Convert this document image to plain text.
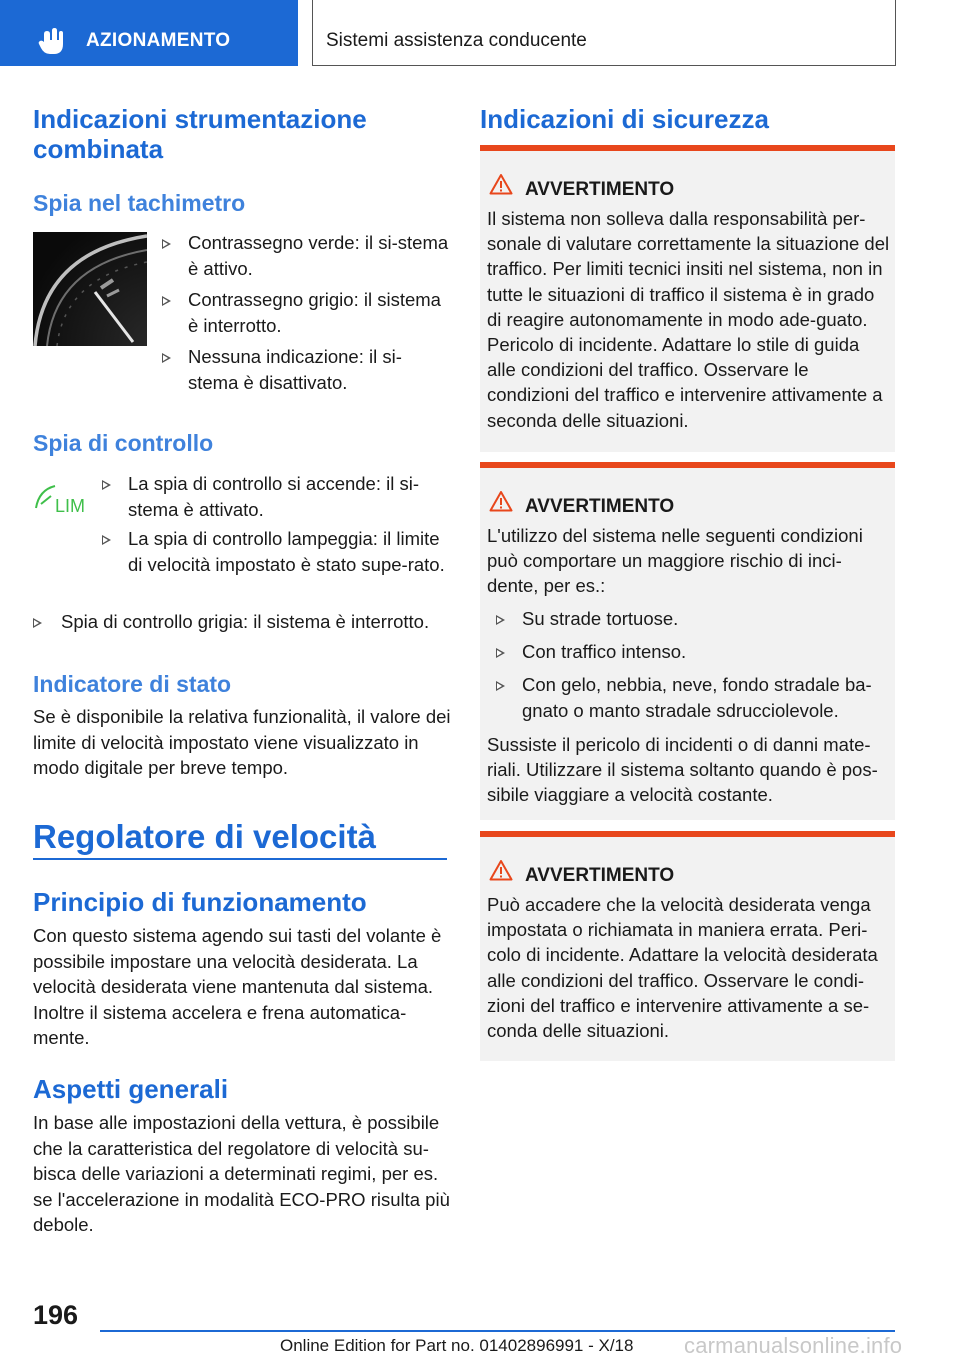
AZIONAMENTO	Sistemi assistenza conducente
Indicazioni strumentazione combinata
Spia nel tachimetro
Contrassegno verde: il si-stema è attivo.
Contrassegno grigio: il sistema è interrotto.
Nessuna indicazione: il si-stema è disattivato.
Spia di controllo
LIM
La spia di controllo si accende: il si-stema è attivato.
La spia di controllo lampeggia: il limite di velocità impostato è stato supe-rato.
Spia di controllo grigia: il sistema è interrotto.
Indicatore di stato
Se è disponibile la relativa funzionalità, il valore dei limite di velocità impostato viene visualizzato in modo digitale per breve tempo.
Regolatore di velocità
Principio di funzionamento
Con questo sistema agendo sui tasti del volante è possibile impostare una velocità desiderata. La velocità desiderata viene mantenuta dal sistema. Inoltre il sistema accelera e frena automatica-mente.
Aspetti generali
In base alle impostazioni della vettura, è possibile che la caratteristica del regolatore di velocità su-bisca delle variazioni a determinati regimi, per es. se l'accelerazione in modalità ECO-PRO risulta più debole.
Indicazioni di sicurezza
AVVERTIMENTO
Il sistema non solleva dalla responsabilità per-sonale di valutare correttamente la situazione del traffico. Per limiti tecnici insiti nel sistema, non in tutte le situazioni di traffico il sistema è in grado di reagire autonomamente in modo ade-guato. Pericolo di incidente. Adattare lo stile di guida alle condizioni del traffico. Osservare le condizioni del traffico e intervenire attivamente a seconda delle situazioni.
AVVERTIMENTO
L'utilizzo del sistema nelle seguenti condizioni può comportare un maggiore rischio di inci-dente, per es.:
Su strade tortuose.
Con traffico intenso.
Con gelo, nebbia, neve, fondo stradale ba-gnato o manto stradale sdrucciolevole.
Sussiste il pericolo di incidenti o di danni mate-riali. Utilizzare il sistema soltanto quando è pos-sibile viaggiare a velocità costante.
AVVERTIMENTO
Può accadere che la velocità desiderata venga impostata o richiamata in maniera errata. Peri-colo di incidente. Adattare la velocità desiderata alle condizioni del traffico. Osservare le condi-zioni del traffico e intervenire attivamente a se-conda delle situazioni.
196
Online Edition for Part no. 01402896991 - X/18 carmanualsonline.info
